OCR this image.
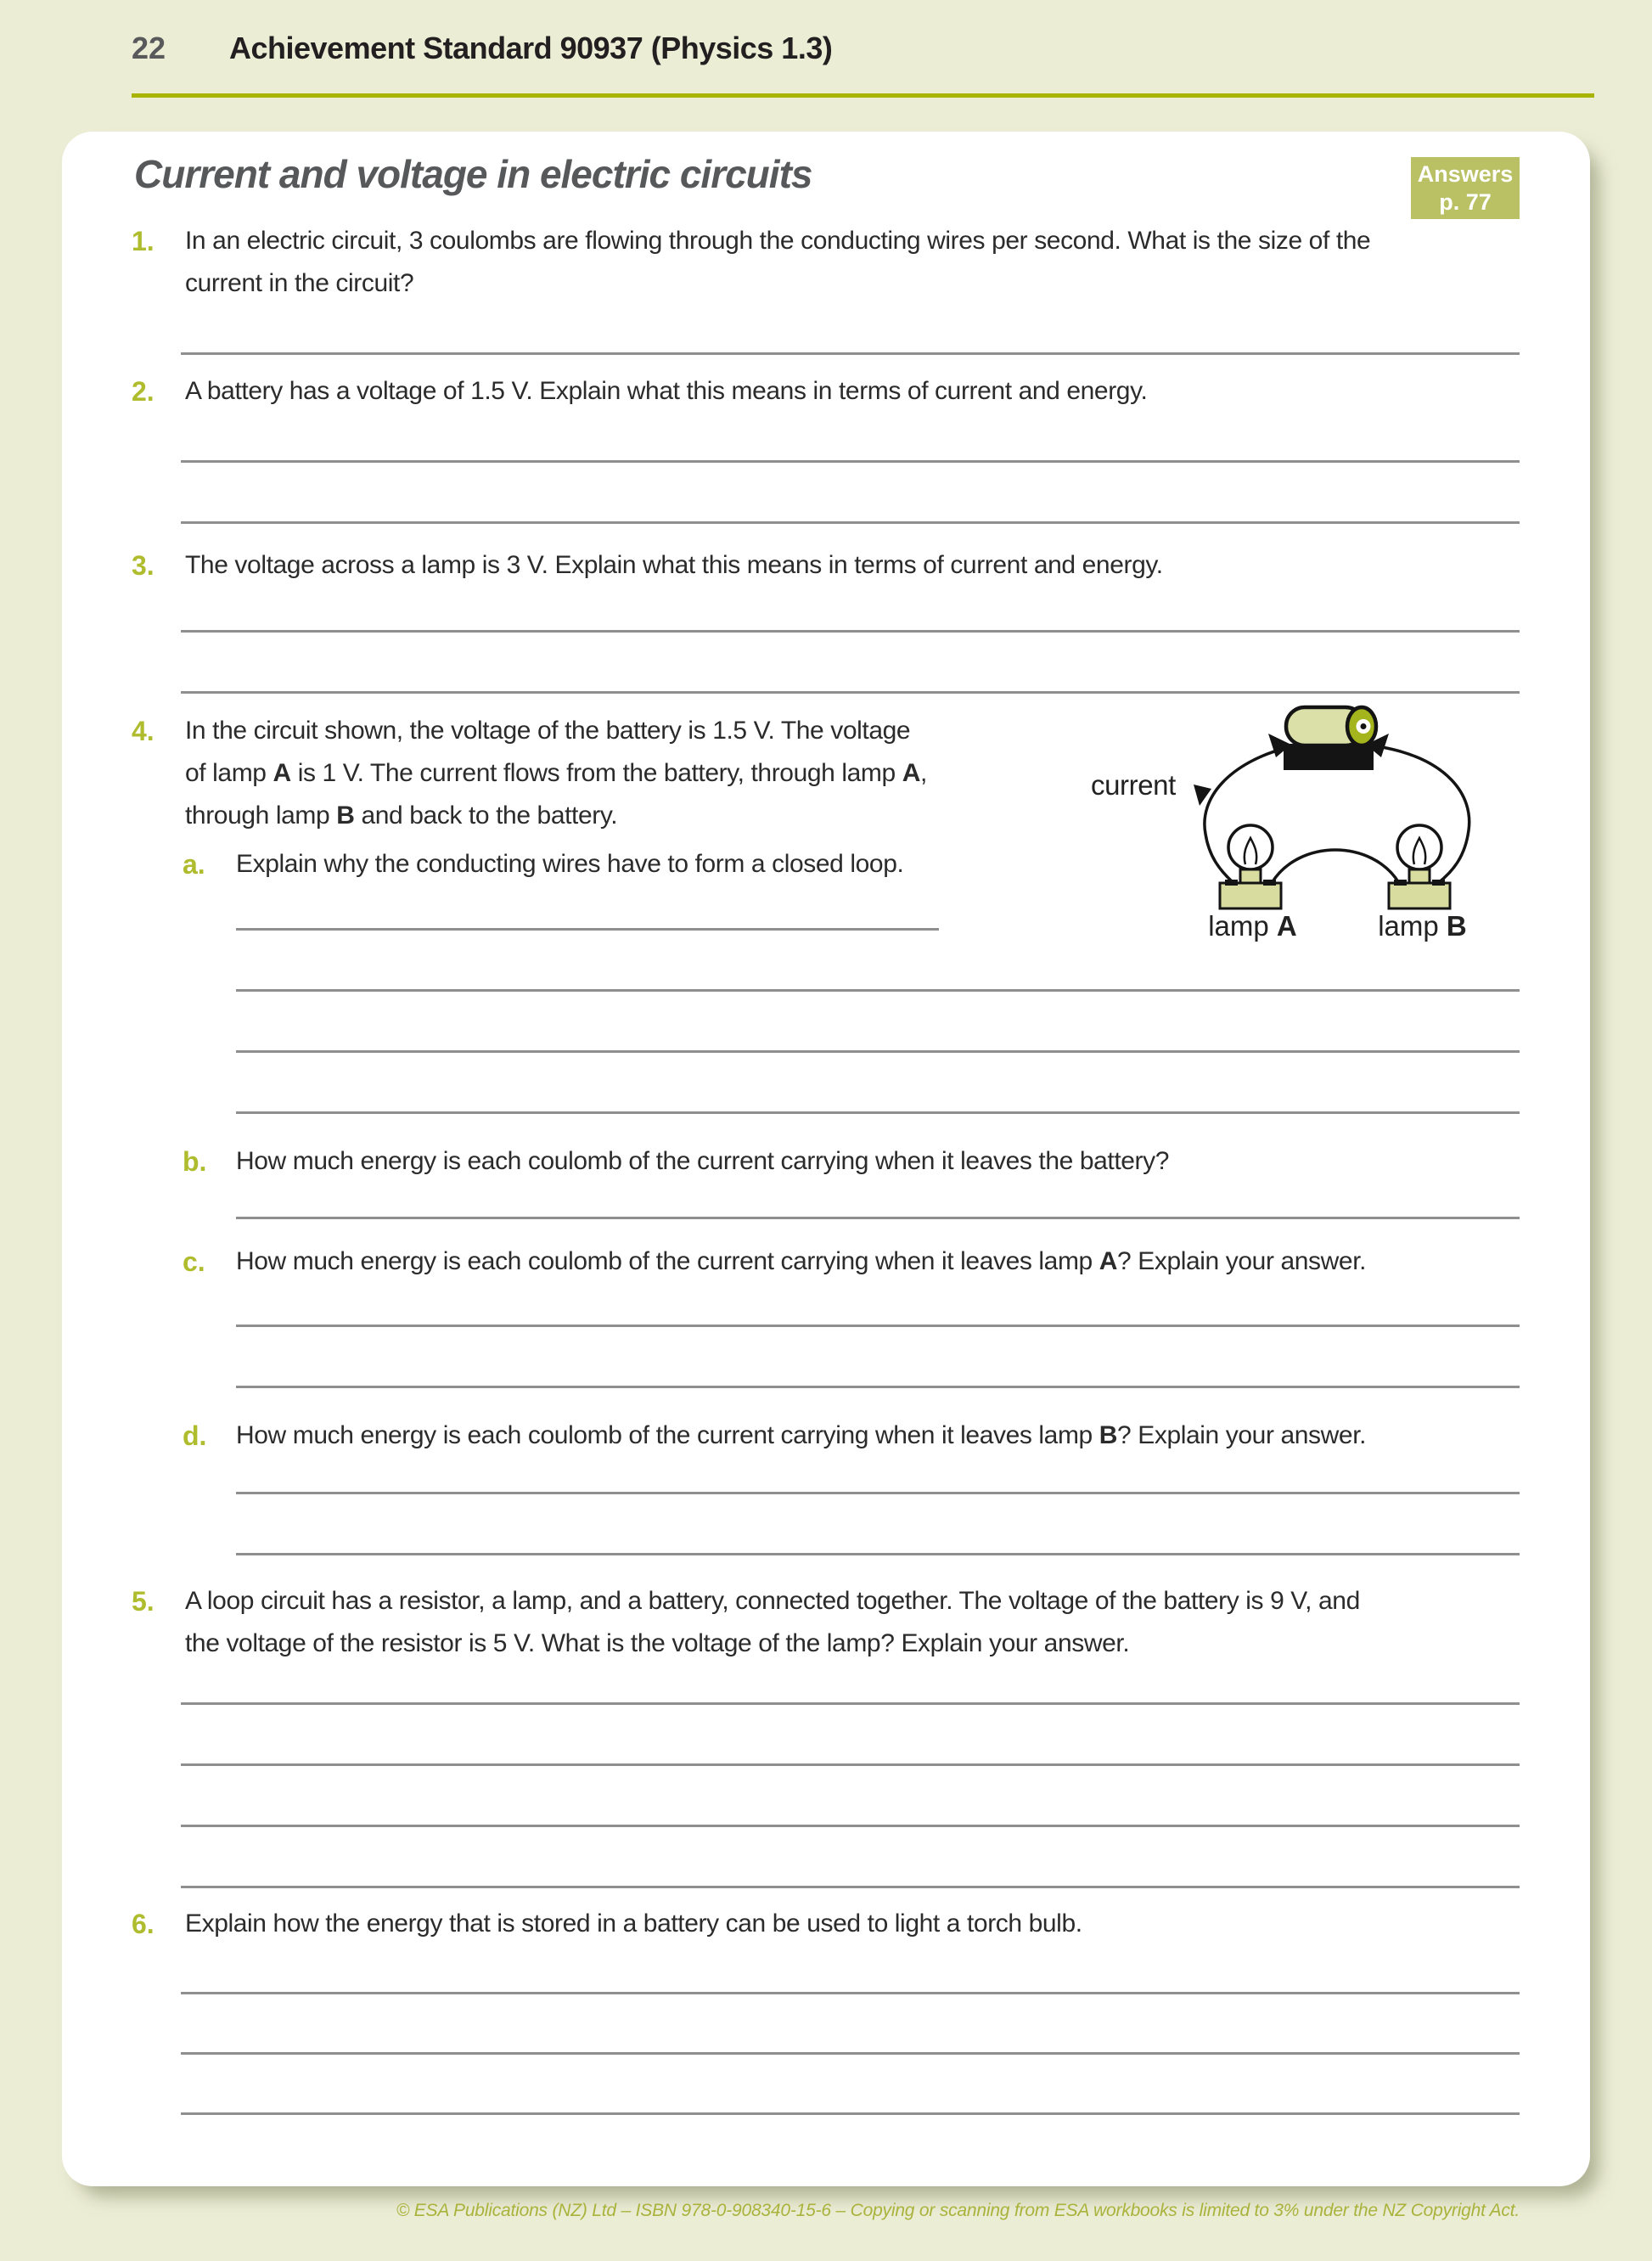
22 Achievement Standard 90937 (Physics 1.3)
Current and voltage in electric circuits	Answers
p. 77
1. In an electric circuit, 3 coulombs are flowing through the conducting wires per second. What is the size of the
current in the circuit?
2. A battery has a voltage of 1.5 V. Explain what this means in terms of current and energy.
3. The voltage across a lamp is 3 V. Explain what this means in terms of current and energy.
4. In the circuit shown, the voltage of the battery is 1.5 V. The voltage
of lamp A is 1 V. The current flows from the battery, through lamp A,
through lamp B and back to the battery.
a. Explain why the conducting wires have to form a closed loop.
b. How much energy is each coulomb of the current carrying when it leaves the battery?
c. How much energy is each coulomb of the current carrying when it leaves lamp A? Explain your answer.
d. How much energy is each coulomb of the current carrying when it leaves lamp B? Explain your answer.
5. A loop circuit has a resistor, a lamp, and a battery, connected together. The voltage of the battery is 9 V, and
the voltage of the resistor is 5 V. What is the voltage of the lamp? Explain your answer.
6. Explain how the energy that is stored in a battery can be used to light a torch bulb.
current
lamp A	lamp B
© ESA Publications (NZ) Ltd – ISBN 978-0-908340-15-6 – Copying or scanning from ESA workbooks is limited to 3% under the NZ Copyright Act.
